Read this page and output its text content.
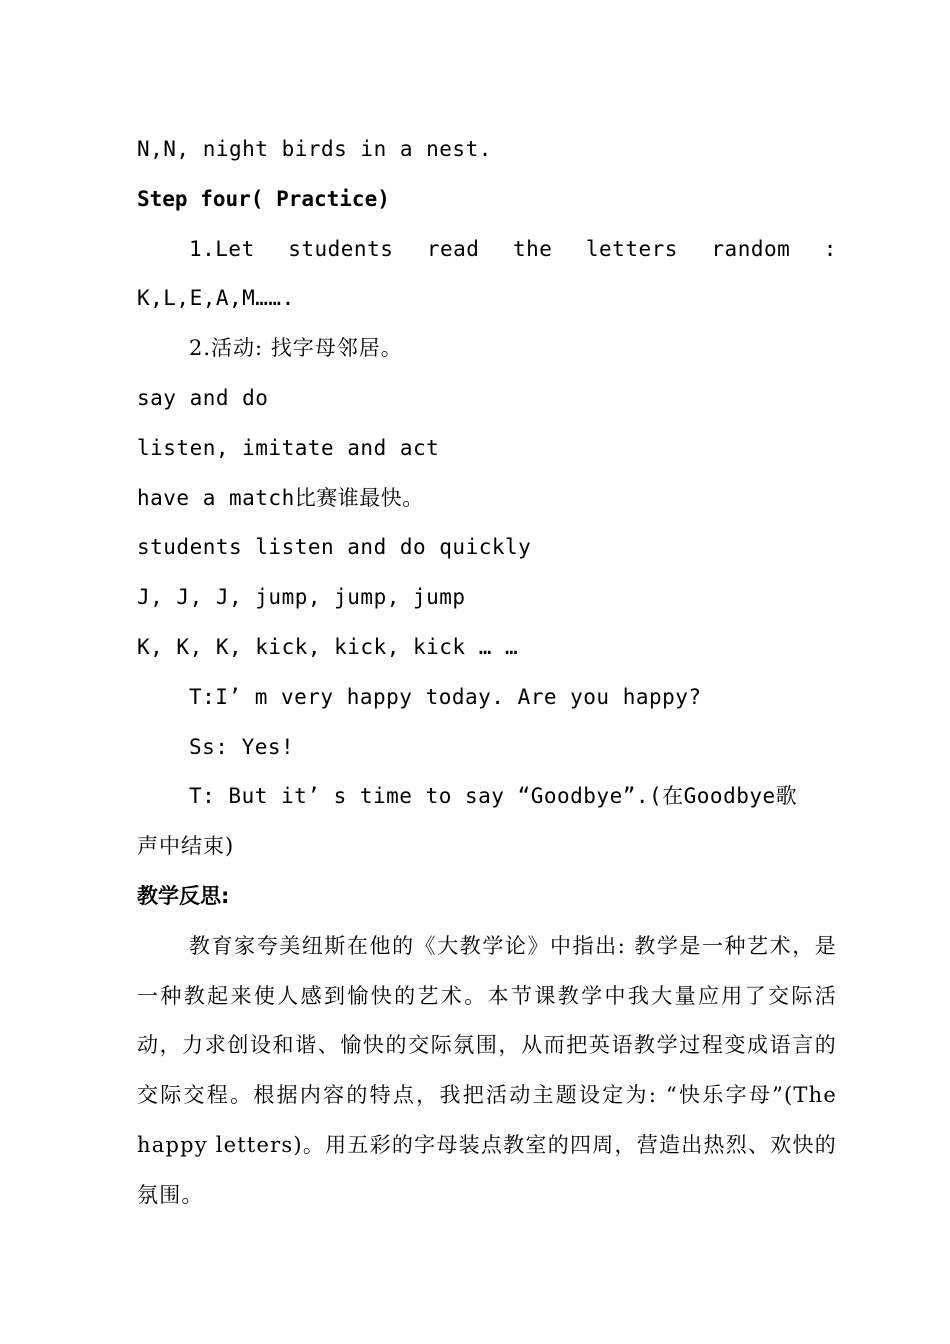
N,N, night birds in a nest.
Step four( Practice)
1.Let students read the letters random :
K,L,E,A,M…….
2.活动: 找字母邻居。
say and do
listen, imitate and act
have a match比赛谁最快。
students listen and do quickly
J, J, J, jump, jump, jump
K, K, K, kick, kick, kick … …
T:I’ m very happy today. Are you happy?
Ss: Yes!
T: But it’ s time to say “Goodbye”.(在Goodbye歌
声中结束)
教学反思:

教育家夸美纽斯在他的《大教学论》中指出: 教学是一种艺术，是一种教起来使人感到愉快的艺术。本节课教学中我大量应用了交际活动，力求创设和谐、愉快的交际氛围，从而把英语教学过程变成语言的交际交程。根据内容的特点，我把活动主题设定为: “快乐字母”(The happy letters)。用五彩的字母装点教室的四周，营造出热烈、欢快的氛围。
